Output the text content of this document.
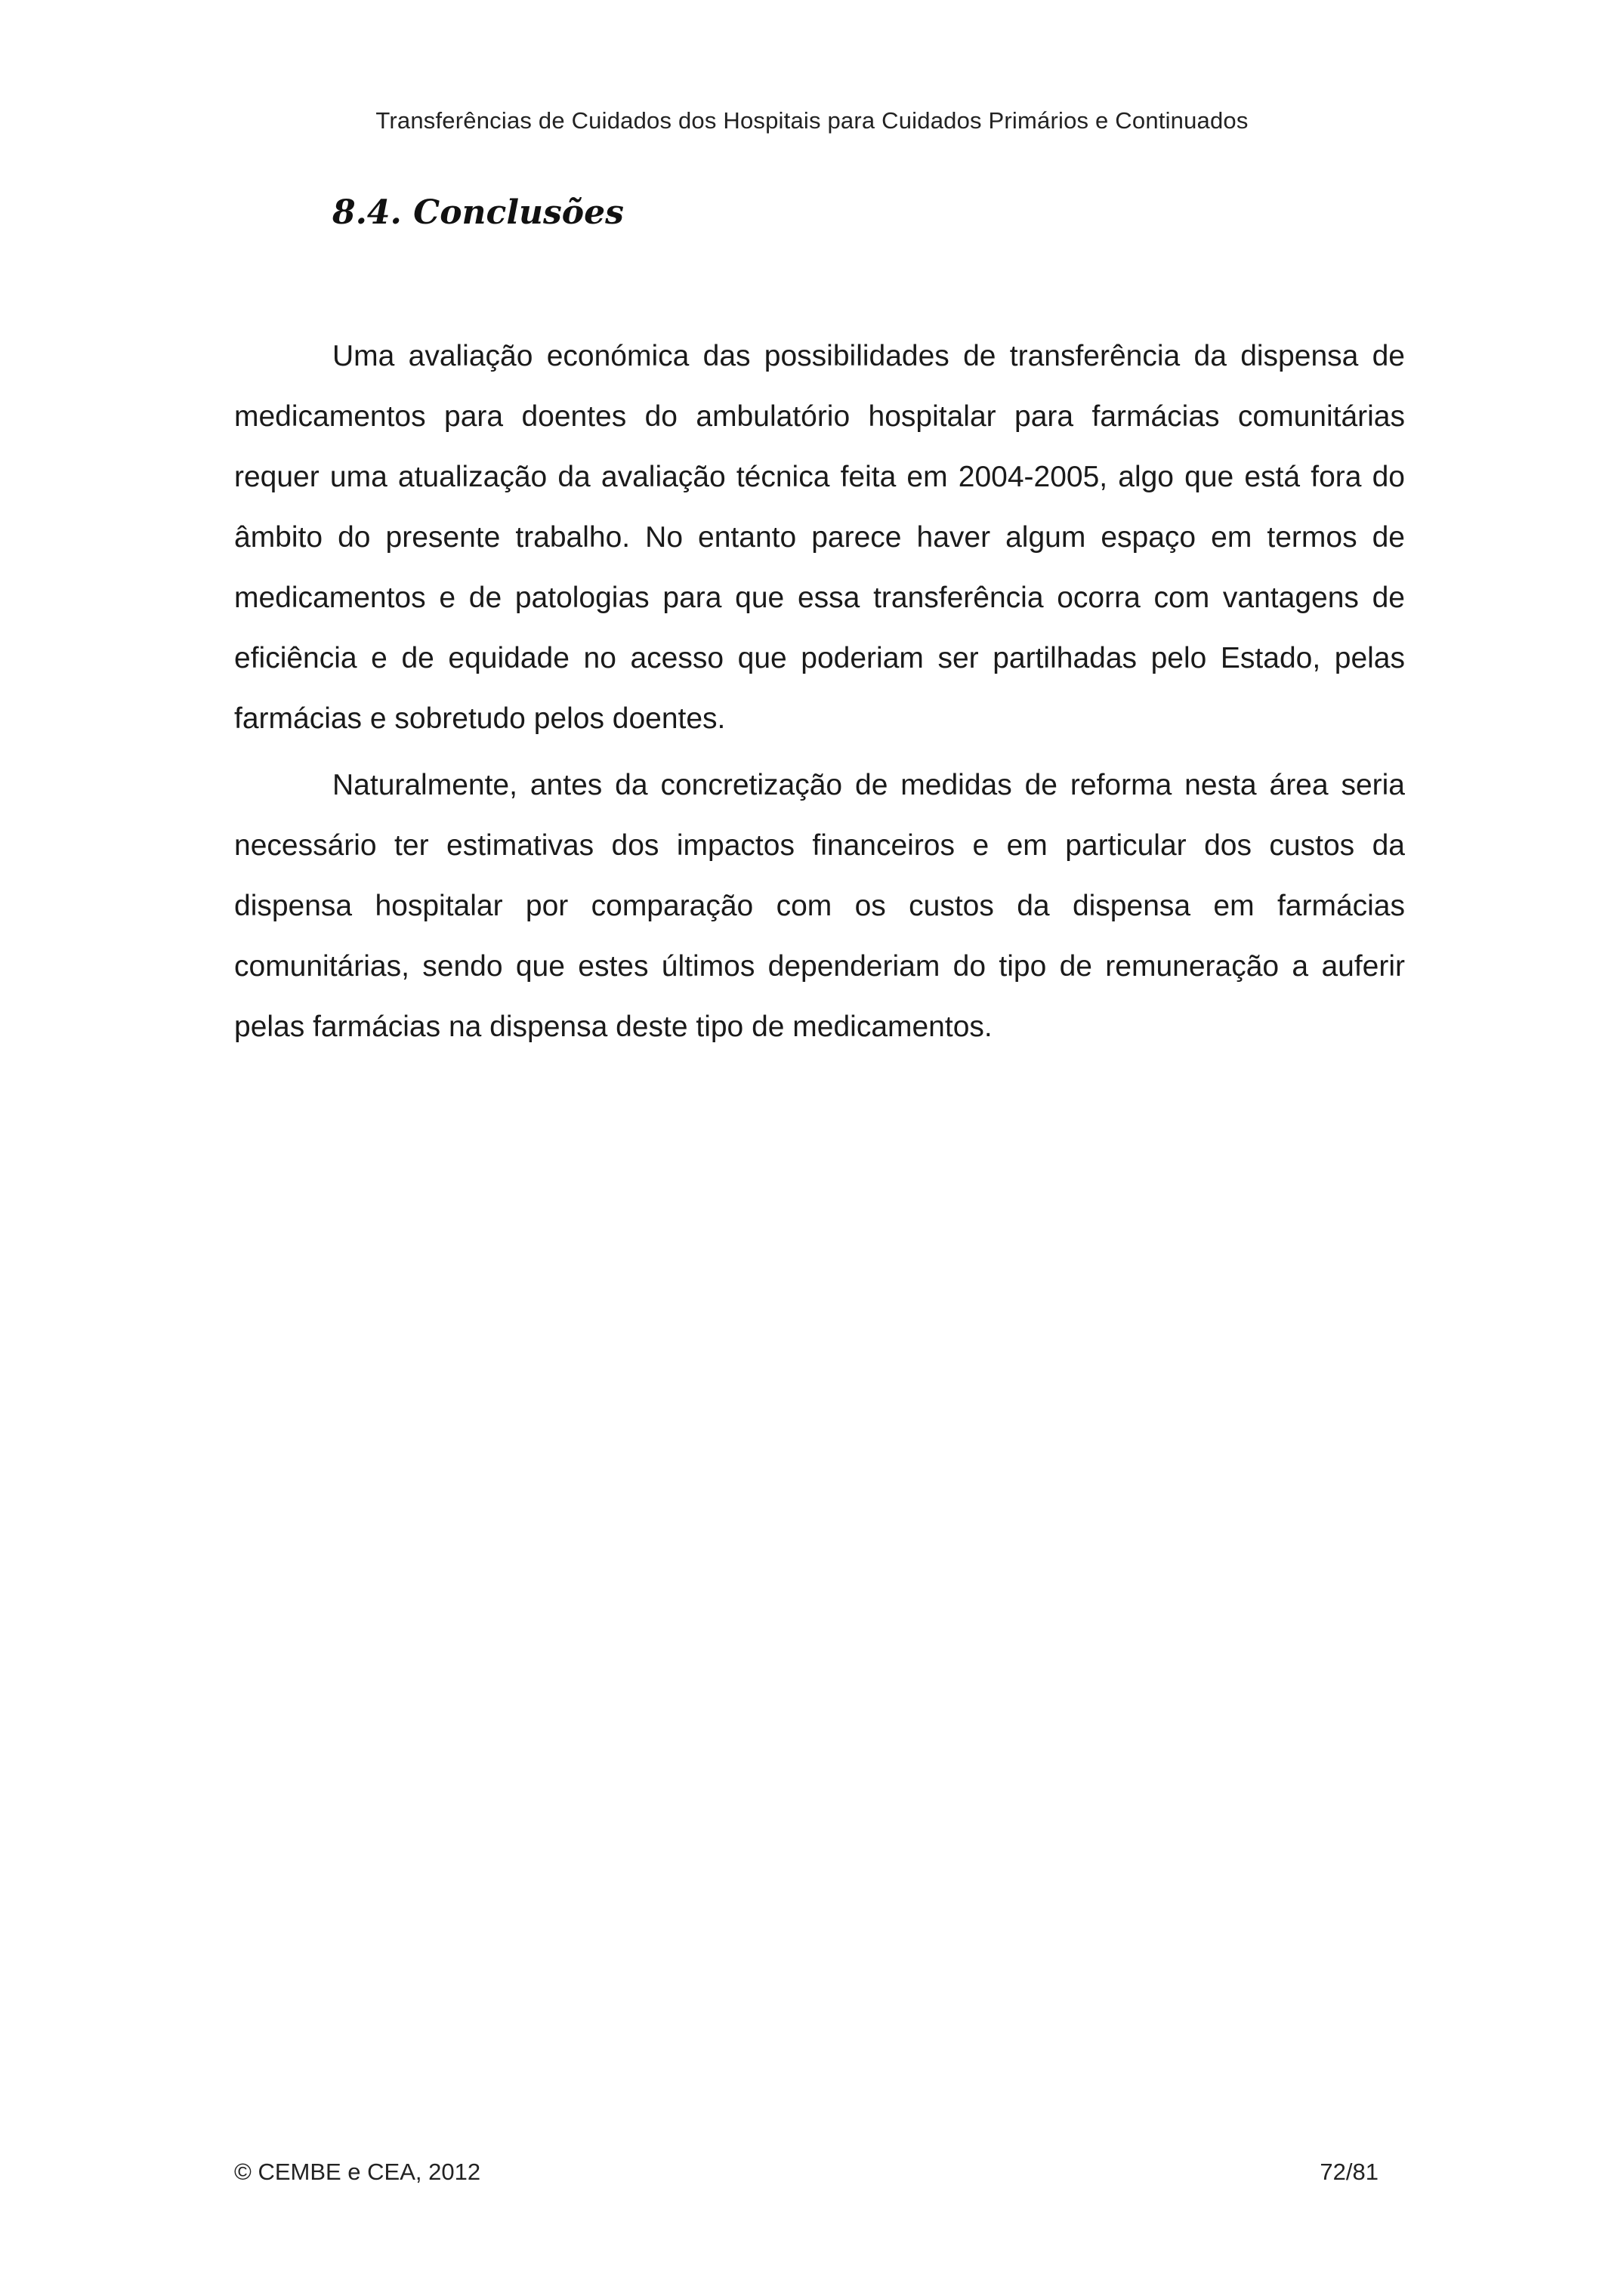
Transferências de Cuidados dos Hospitais para Cuidados Primários e Continuados
8.4. Conclusões

Uma avaliação económica das possibilidades de transferência da dispensa de medicamentos para doentes do ambulatório hospitalar para farmácias comunitárias requer uma atualização da avaliação técnica feita em 2004-2005, algo que está fora do âmbito do presente trabalho. No entanto parece haver algum espaço em termos de medicamentos e de patologias para que essa transferência ocorra com vantagens de eficiência e de equidade no acesso que poderiam ser partilhadas pelo Estado, pelas farmácias e sobretudo pelos doentes.

Naturalmente, antes da concretização de medidas de reforma nesta área seria necessário ter estimativas dos impactos financeiros e em particular dos custos da dispensa hospitalar por comparação com os custos da dispensa em farmácias comunitárias, sendo que estes últimos dependeriam do tipo de remuneração a auferir pelas farmácias na dispensa deste tipo de medicamentos.

© CEMBE e CEA, 2012	72/81
